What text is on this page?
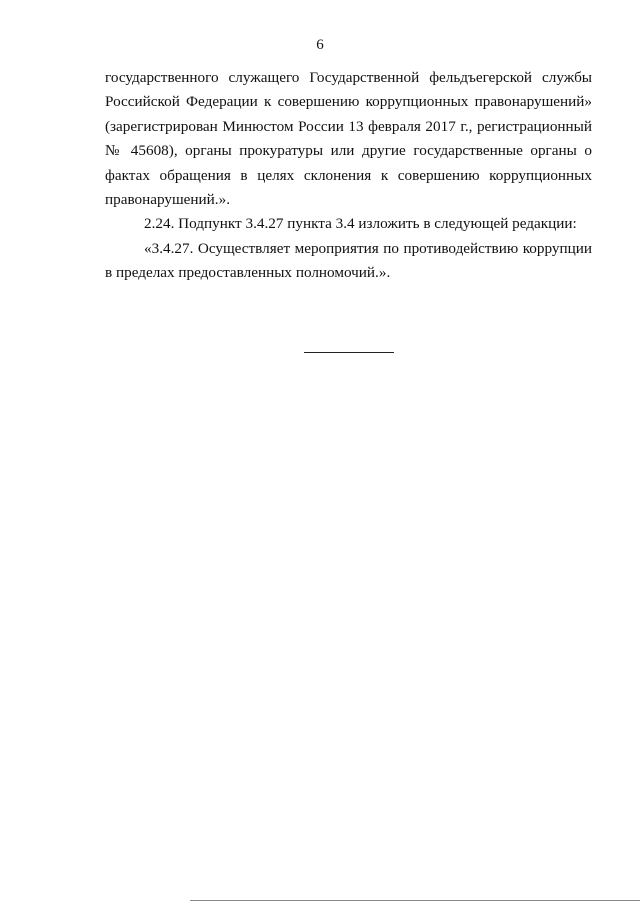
6

государственного служащего Государственной фельдъегерской службы Российской Федерации к совершению коррупционных правонарушений» (зарегистрирован Минюстом России 13 февраля 2017 г., регистрационный № 45608), органы прокуратуры или другие государственные органы о фактах обращения в целях склонения к совершению коррупционных правонарушений.».

2.24. Подпункт 3.4.27 пункта 3.4 изложить в следующей редакции:

«3.4.27. Осуществляет мероприятия по противодействию коррупции в пределах предоставленных полномочий.».
